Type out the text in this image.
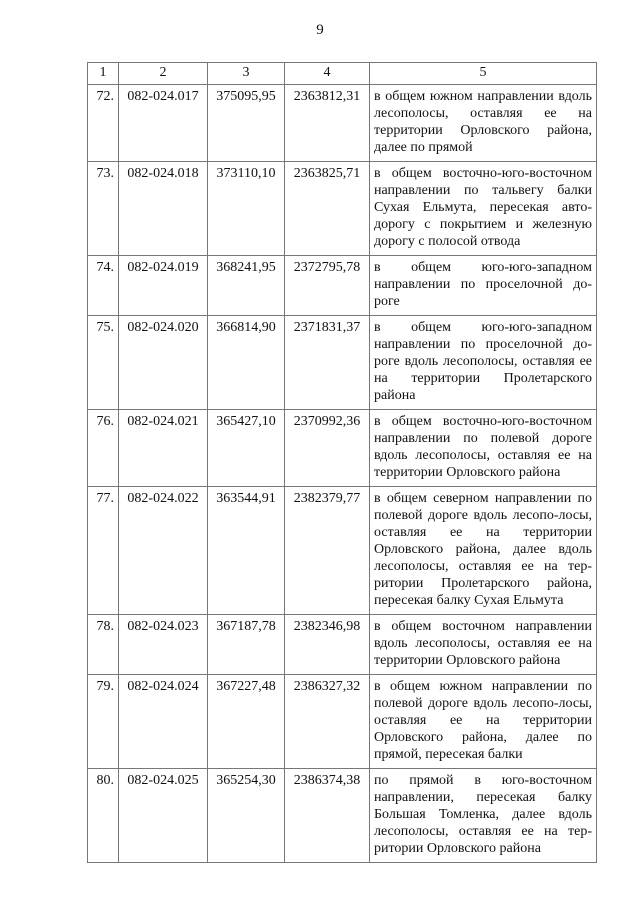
9
1	2	3	4	5
72.	082-024.017	375095,95	2363812,31	в общем южном направлении вдоль лесополосы, оставляя ее на территории Орловского района, далее по прямой
73.	082-024.018	373110,10	2363825,71	в общем восточно-юго-восточном направлении по тальвегу балки Сухая Ельмута, пересекая авто-дорогу с покрытием и железную дорогу с полосой отвода
74.	082-024.019	368241,95	2372795,78	в общем юго-юго-западном направлении по проселочной до-роге
75.	082-024.020	366814,90	2371831,37	в общем юго-юго-западном направлении по проселочной до-роге вдоль лесополосы, оставляя ее на территории Пролетарского района
76.	082-024.021	365427,10	2370992,36	в общем восточно-юго-восточном направлении по полевой дороге вдоль лесополосы, оставляя ее на территории Орловского района
77.	082-024.022	363544,91	2382379,77	в общем северном направлении по полевой дороге вдоль лесопо-лосы, оставляя ее на территории Орловского района, далее вдоль лесополосы, оставляя ее на тер-ритории Пролетарского района, пересекая балку Сухая Ельмута
78.	082-024.023	367187,78	2382346,98	в общем восточном направлении вдоль лесополосы, оставляя ее на территории Орловского района
79.	082-024.024	367227,48	2386327,32	в общем южном направлении по полевой дороге вдоль лесопо-лосы, оставляя ее на территории Орловского района, далее по прямой, пересекая балки
80.	082-024.025	365254,30	2386374,38	по прямой в юго-восточном направлении, пересекая балку Большая Томленка, далее вдоль лесополосы, оставляя ее на тер-ритории Орловского района
